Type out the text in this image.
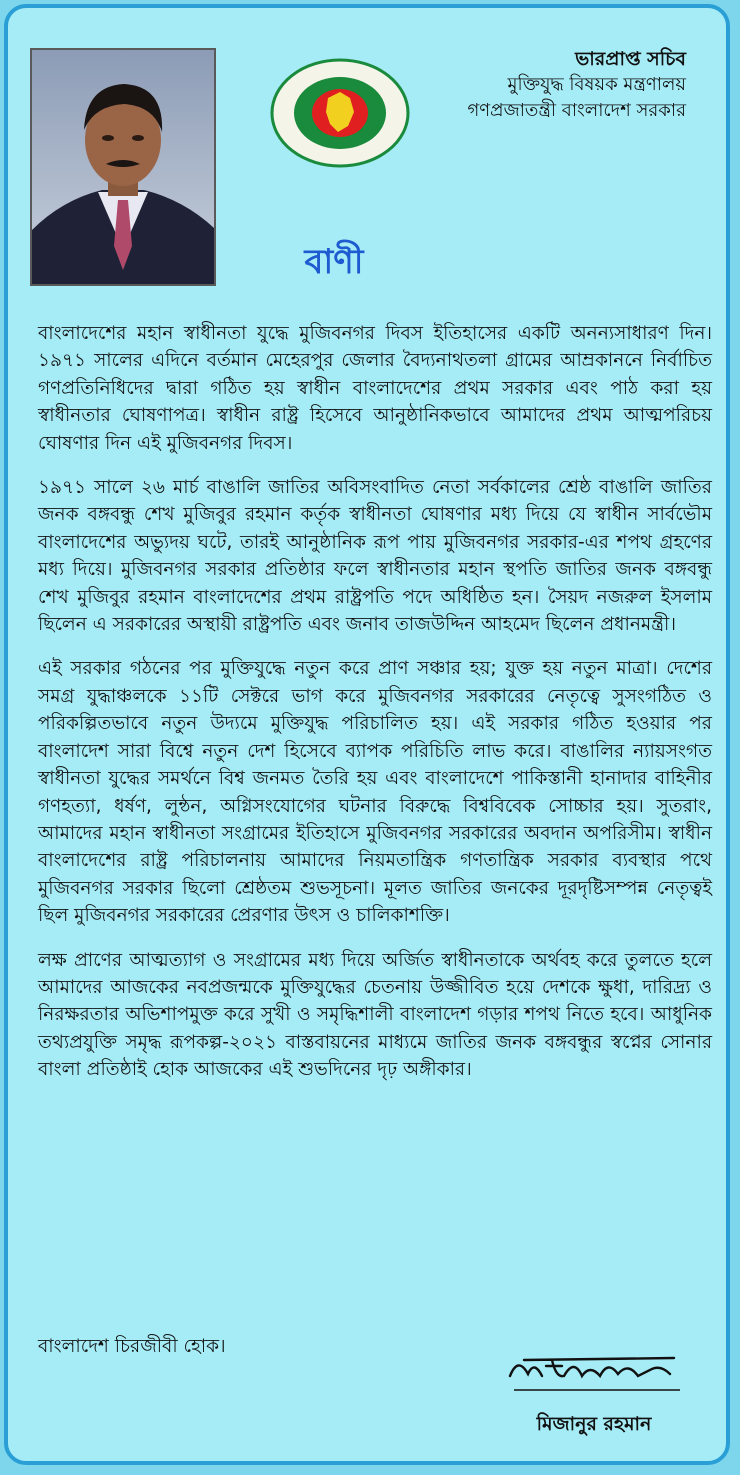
ভারপ্রাপ্ত সচিব
মুক্তিযুদ্ধ বিষয়ক মন্ত্রণালয়
গণপ্রজাতন্ত্রী বাংলাদেশ সরকার
বাণী

বাংলাদেশের মহান স্বাধীনতা যুদ্ধে মুজিবনগর দিবস ইতিহাসের একটি অনন্যসাধারণ দিন। ১৯৭১ সালের এদিনে বর্তমান মেহেরপুর জেলার বৈদ্যনাথতলা গ্রামের আম্রকাননে নির্বাচিত গণপ্রতিনিধিদের দ্বারা গঠিত হয় স্বাধীন বাংলাদেশের প্রথম সরকার এবং পাঠ করা হয় স্বাধীনতার ঘোষণাপত্র। স্বাধীন রাষ্ট্র হিসেবে আনুষ্ঠানিকভাবে আমাদের প্রথম আত্মপরিচয় ঘোষণার দিন এই মুজিবনগর দিবস।

১৯৭১ সালে ২৬ মার্চ বাঙালি জাতির অবিসংবাদিত নেতা সর্বকালের শ্রেষ্ঠ বাঙালি জাতির জনক বঙ্গবন্ধু শেখ মুজিবুর রহমান কর্তৃক স্বাধীনতা ঘোষণার মধ্য দিয়ে যে স্বাধীন সার্বভৌম বাংলাদেশের অভ্যুদয় ঘটে, তারই আনুষ্ঠানিক রূপ পায় মুজিবনগর সরকার-এর শপথ গ্রহণের মধ্য দিয়ে। মুজিবনগর সরকার প্রতিষ্ঠার ফলে স্বাধীনতার মহান স্থপতি জাতির জনক বঙ্গবন্ধু শেখ মুজিবুর রহমান বাংলাদেশের প্রথম রাষ্ট্রপতি পদে অধিষ্ঠিত হন। সৈয়দ নজরুল ইসলাম ছিলেন এ সরকারের অস্থায়ী রাষ্ট্রপতি এবং জনাব তাজউদ্দিন আহমেদ ছিলেন প্রধানমন্ত্রী।

এই সরকার গঠনের পর মুক্তিযুদ্ধে নতুন করে প্রাণ সঞ্চার হয়; যুক্ত হয় নতুন মাত্রা। দেশের সমগ্র যুদ্ধাঞ্চলকে ১১টি সেক্টরে ভাগ করে মুজিবনগর সরকারের নেতৃত্বে সুসংগঠিত ও পরিকল্পিতভাবে নতুন উদ্যমে মুক্তিযুদ্ধ পরিচালিত হয়। এই সরকার গঠিত হওয়ার পর বাংলাদেশ সারা বিশ্বে নতুন দেশ হিসেবে ব্যাপক পরিচিতি লাভ করে। বাঙালির ন্যায়সংগত স্বাধীনতা যুদ্ধের সমর্থনে বিশ্ব জনমত তৈরি হয় এবং বাংলাদেশে পাকিস্তানী হানাদার বাহিনীর গণহত্যা, ধর্ষণ, লুন্ঠন, অগ্নিসংযোগের ঘটনার বিরুদ্ধে বিশ্ববিবেক সোচ্চার হয়। সুতরাং, আমাদের মহান স্বাধীনতা সংগ্রামের ইতিহাসে মুজিবনগর সরকারের অবদান অপরিসীম। স্বাধীন বাংলাদেশের রাষ্ট্র পরিচালনায় আমাদের নিয়মতান্ত্রিক গণতান্ত্রিক সরকার ব্যবস্থার পথে মুজিবনগর সরকার ছিলো শ্রেষ্ঠতম শুভসূচনা। মূলত জাতির জনকের দূরদৃষ্টিসম্পন্ন নেতৃত্বই ছিল মুজিবনগর সরকারের প্রেরণার উৎস ও চালিকাশক্তি।

লক্ষ প্রাণের আত্মত্যাগ ও সংগ্রামের মধ্য দিয়ে অর্জিত স্বাধীনতাকে অর্থবহ করে তুলতে হলে আমাদের আজকের নবপ্রজন্মকে মুক্তিযুদ্ধের চেতনায় উজ্জীবিত হয়ে দেশকে ক্ষুধা, দারিদ্র্য ও নিরক্ষরতার অভিশাপমুক্ত করে সুখী ও সমৃদ্ধিশালী বাংলাদেশ গড়ার শপথ নিতে হবে। আধুনিক তথ্যপ্রযুক্তি সমৃদ্ধ রূপকল্প-২০২১ বাস্তবায়নের মাধ্যমে জাতির জনক বঙ্গবন্ধুর স্বপ্নের সোনার বাংলা প্রতিষ্ঠাই হোক আজকের এই শুভদিনের দৃঢ় অঙ্গীকার।

বাংলাদেশ চিরজীবী হোক।
মিজানুর রহমান
